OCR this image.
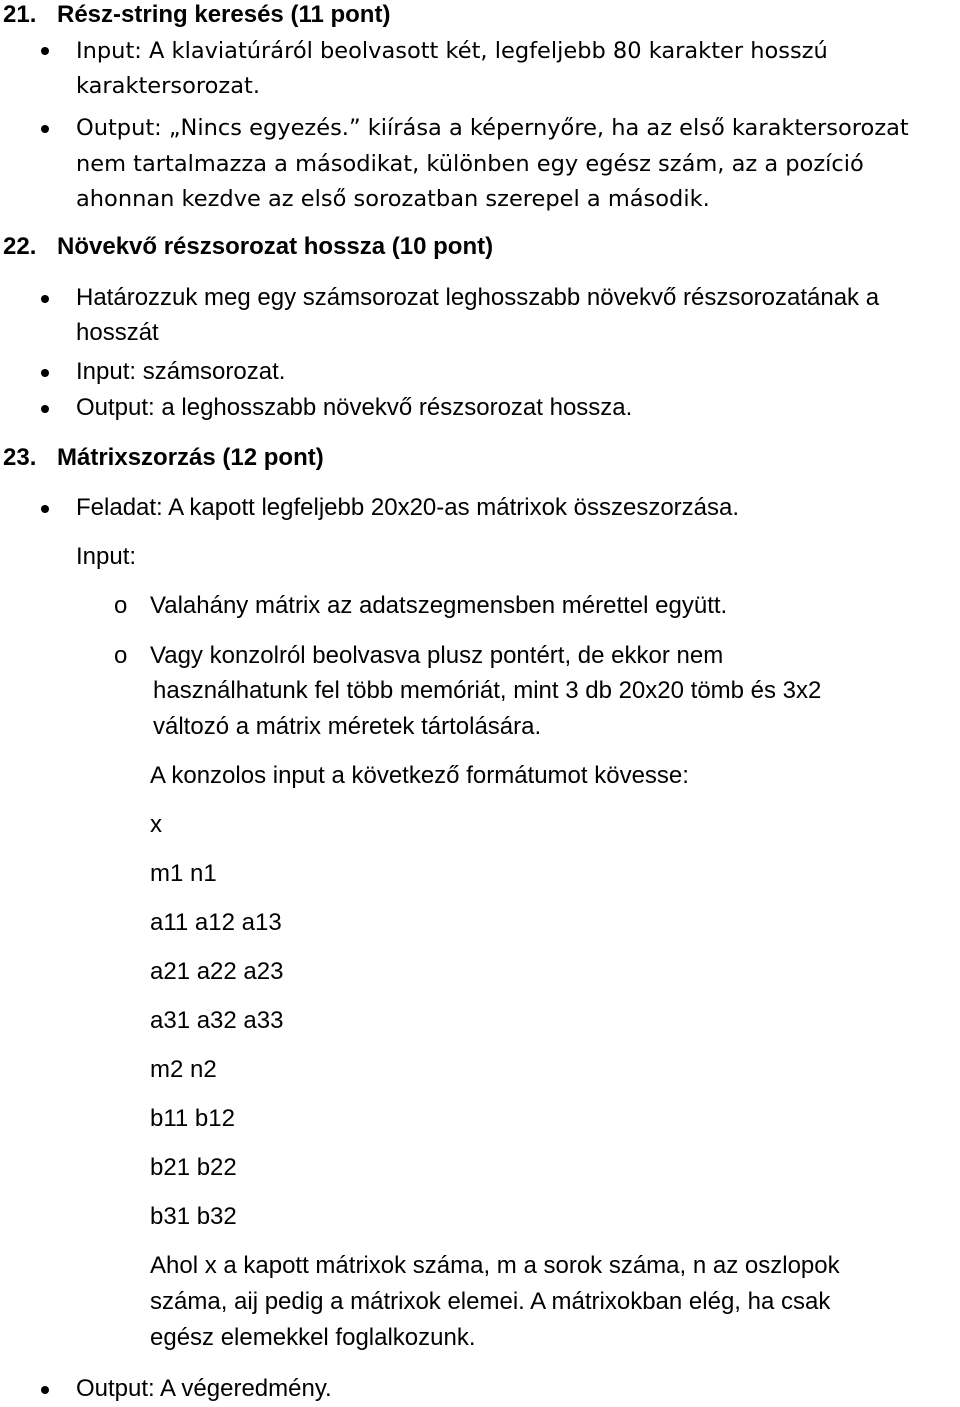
21. Rész-string keresés (11 pont)
Input: A klaviatúráról beolvasott két, legfeljebb 80 karakter hosszú
karaktersorozat.
Output: „Nincs egyezés.” kiírása a képernyőre, ha az első karaktersorozat
nem tartalmazza a másodikat, különben egy egész szám, az a pozíció
ahonnan kezdve az első sorozatban szerepel a második.
22. Növekvő részsorozat hossza (10 pont)
Határozzuk meg egy számsorozat leghosszabb növekvő részsorozatának a
hosszát
Input: számsorozat.
Output: a leghosszabb növekvő részsorozat hossza.
23. Mátrixszorzás (12 pont)
Feladat: A kapott legfeljebb 20x20-as mátrixok összeszorzása.
Input:
o Valahány mátrix az adatszegmensben mérettel együtt.
o Vagy konzolról beolvasva plusz pontért, de ekkor nem
használhatunk fel több memóriát, mint 3 db 20x20 tömb és 3x2
változó a mátrix méretek tártolására.
A konzolos input a következő formátumot kövesse:
x
m1 n1
a11 a12 a13
a21 a22 a23
a31 a32 a33
m2 n2
b11 b12
b21 b22
b31 b32
Ahol x a kapott mátrixok száma, m a sorok száma, n az oszlopok
száma, aij pedig a mátrixok elemei. A mátrixokban elég, ha csak
egész elemekkel foglalkozunk.
Output: A végeredmény.
